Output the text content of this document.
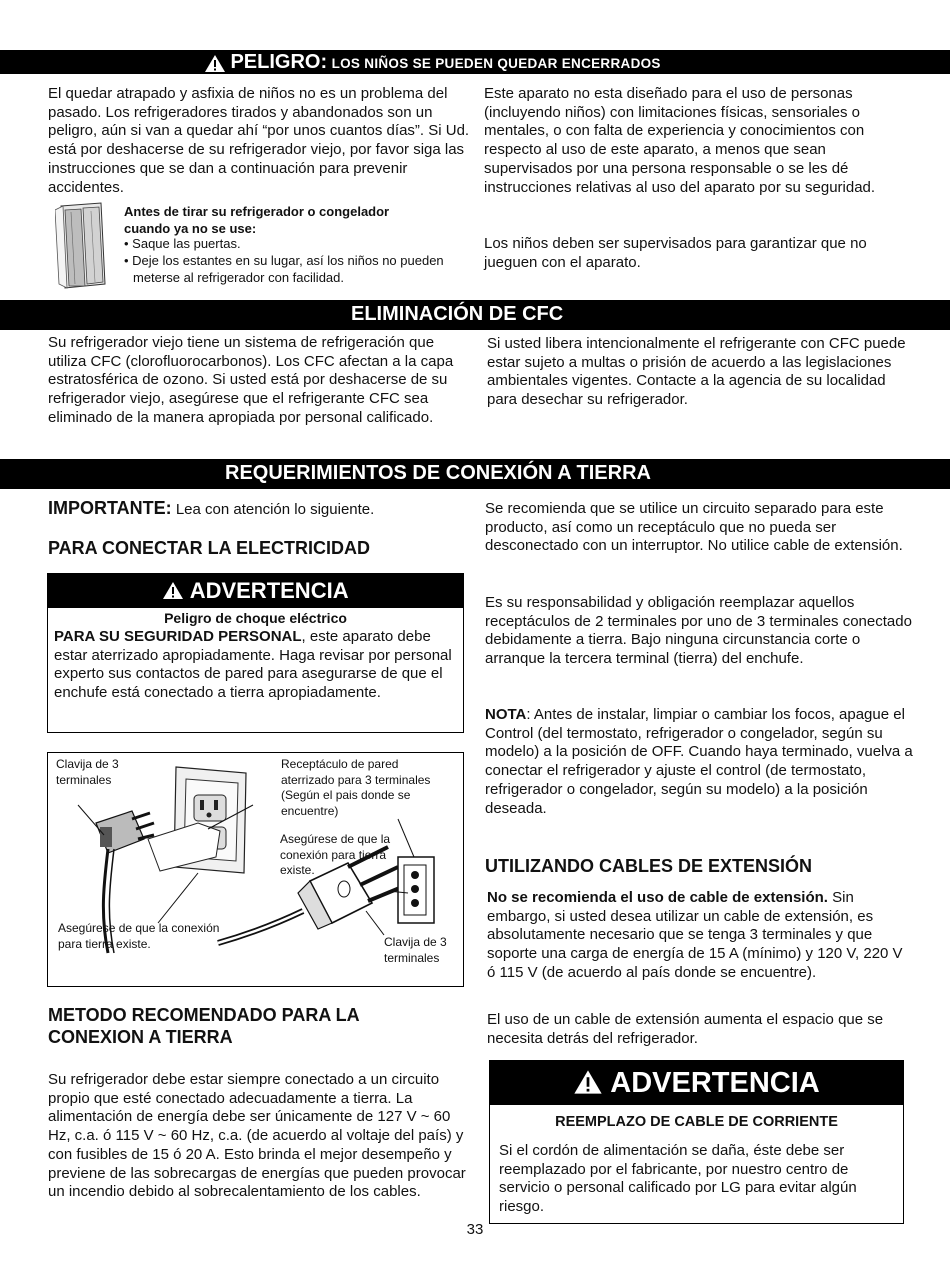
PELIGRO: LOS NIÑOS SE PUEDEN QUEDAR ENCERRADOS

El quedar atrapado y asfixia de niños no es un problema del pasado. Los refrigeradores tirados y abandonados son un peligro, aún si van a quedar ahí “por unos cuantos días”. Si Ud. está por deshacerse de su refrigerador viejo, por favor siga las instrucciones que se dan a continuación para prevenir accidentes.

Antes de tirar su refrigerador o congelador cuando ya no se use:
• Saque las puertas.
• Deje los estantes en su lugar, así los niños no pueden meterse al refrigerador con facilidad.

Este aparato no esta diseñado para el uso de personas (incluyendo niños) con limitaciones físicas, sensoriales o mentales, o con falta de experiencia y conocimientos con respecto al uso de este aparato, a menos que sean supervisados por una persona responsable o se les dé instrucciones relativas al uso del aparato por su seguridad.

Los niños deben ser supervisados para garantizar que no jueguen con el aparato.

ELIMINACIÓN DE CFC

Su refrigerador viejo tiene un sistema de refrigeración que utiliza CFC (clorofluorocarbonos). Los CFC afectan a la capa estratosférica de ozono. Si usted está por deshacerse de su refrigerador viejo, asegúrese que el refrigerante CFC sea eliminado de la manera apropiada por personal calificado.

Si usted libera intencionalmente el refrigerante con CFC puede estar sujeto a multas o prisión de acuerdo a las legislaciones ambientales vigentes. Contacte a la agencia de su localidad para desechar su refrigerador.

REQUERIMIENTOS DE CONEXIÓN A TIERRA
IMPORTANTE: Lea con atención lo siguiente.
PARA CONECTAR LA ELECTRICIDAD
ADVERTENCIA
Peligro de choque eléctrico

PARA SU SEGURIDAD PERSONAL, este aparato debe estar aterrizado apropiadamente. Haga revisar por personal experto sus contactos de pared para asegurarse de que el enchufe está conectado a tierra apropiadamente.

Clavija de 3 terminales
Receptáculo de pared aterrizado para 3 terminales (Según el pais donde se encuentre)
Asegúrese de que la conexión para tierra existe.
Asegúrese de que la conexión para tierra existe.	Clavija de 3 terminales
METODO RECOMENDADO PARA LA CONEXION A TIERRA

Su refrigerador debe estar siempre conectado a un circuito propio que esté conectado adecuadamente a tierra. La alimentación de energía debe ser únicamente de 127 V ~ 60 Hz, c.a. ó 115 V ~ 60 Hz, c.a. (de acuerdo al voltaje del país) y con fusibles de 15 ó 20 A. Esto brinda el mejor desempeño y previene de las sobrecargas de energías que pueden provocar un incendio debido al sobrecalentamiento de los cables.

Se recomienda que se utilice un circuito separado para este producto, así como un receptáculo que no pueda ser desconectado con un interruptor. No utilice cable de extensión.

Es su responsabilidad y obligación reemplazar aquellos receptáculos de 2 terminales por uno de 3 terminales conectado debidamente a tierra. Bajo ninguna circunstancia corte o arranque la tercera terminal (tierra) del enchufe.

NOTA: Antes de instalar, limpiar o cambiar los focos, apague el Control (del termostato, refrigerador o congelador, según su modelo) a la posición de OFF. Cuando haya terminado, vuelva a conectar el refrigerador y ajuste el control (de termostato, refrigerador o congelador, según su modelo) a la posición deseada.

UTILIZANDO CABLES DE EXTENSIÓN

No se recomienda el uso de cable de extensión. Sin embargo, si usted desea utilizar un cable de extensión, es absolutamente necesario que se tenga 3 terminales y que soporte una carga de energía de 15 A (mínimo) y 120 V, 220 V ó 115 V (de acuerdo al país donde se encuentre).

El uso de un cable de extensión aumenta el espacio que se necesita detrás del refrigerador.

ADVERTENCIA
REEMPLAZO DE CABLE DE CORRIENTE

Si el cordón de alimentación se daña, éste debe ser reemplazado por el fabricante, por nuestro centro de servicio o personal calificado por LG para evitar algún riesgo.

33
